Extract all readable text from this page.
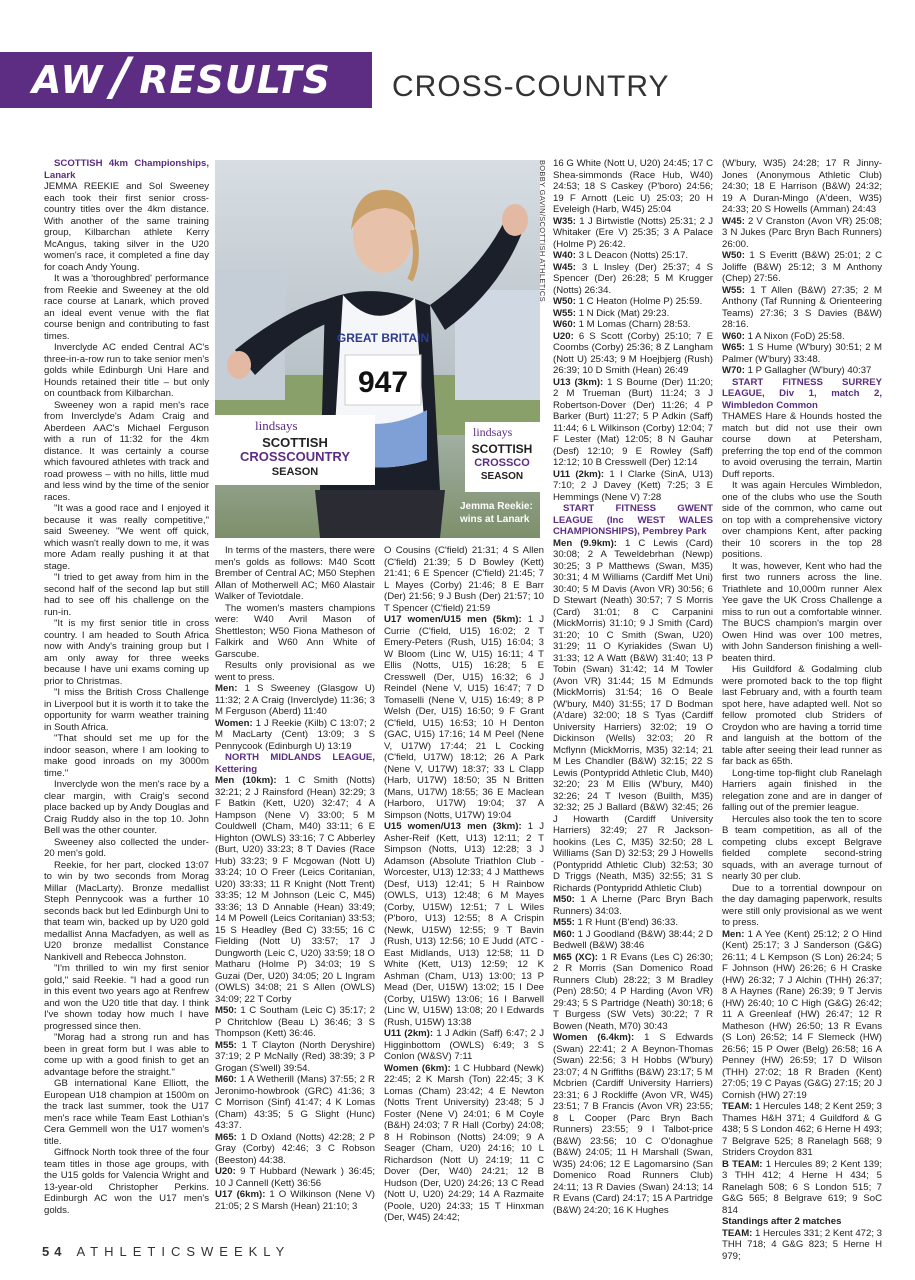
AW / RESULTS CROSS-COUNTRY

SCOTTISH 4km Championships, Lanark

JEMMA REEKIE and Sol Sweeney each took their first senior cross-country titles over the 4km distance. With another of the same training group, Kilbarchan athlete Kerry McAngus, taking silver in the U20 women's race, it completed a fine day for coach Andy Young.

It was a 'thoroughbred' performance from Reekie and Sweeney at the old race course at Lanark, which proved an ideal event venue with the flat course benign and contributing to fast times.

Inverclyde AC ended Central AC's three-in-a-row run to take senior men's golds while Edinburgh Uni Hare and Hounds retained their title – but only on countback from Kilbarchan.

Sweeney won a rapid men's race from Inverclyde's Adam Craig and Aberdeen AAC's Michael Ferguson with a run of 11:32 for the 4km distance. It was certainly a course which favoured athletes with track and road prowess – with no hills, little mud and less wind by the time of the senior races.

"It was a good race and I enjoyed it because it was really competitive," said Sweeney. "We went off quick, which wasn't really down to me, it was more Adam really pushing it at that stage.

"I tried to get away from him in the second half of the second lap but still had to see off his challenge on the run-in.

"It is my first senior title in cross country. I am headed to South Africa now with Andy's training group but I am only away for three weeks because I have uni exams coming up prior to Christmas.

"I miss the British Cross Challenge in Liverpool but it is worth it to take the opportunity for warm weather training in South Africa.

"That should set me up for the indoor season, where I am looking to make good inroads on my 3000m time."

Inverclyde won the men's race by a clear margin, with Craig's second place backed up by Andy Douglas and Craig Ruddy also in the top 10. John Bell was the other counter.

Sweeney also collected the under-20 men's gold.

Reekie, for her part, clocked 13:07 to win by two seconds from Morag Millar (MacLarty). Bronze medallist Steph Pennycook was a further 10 seconds back but led Edinburgh Uni to that team win, backed up by U20 gold medallist Anna Macfadyen, as well as U20 bronze medallist Constance Nankivell and Rebecca Johnston.

"I'm thrilled to win my first senior gold," said Reekie. "I had a good run in this event two years ago at Renfrew and won the U20 title that day. I think I've shown today how much I have progressed since then.

"Morag had a strong run and has been in great form but I was able to come up with a good finish to get an advantage before the straight."

GB international Kane Elliott, the European U18 champion at 1500m on the track last summer, took the U17 men's race while Team East Lothian's Cera Gemmell won the U17 women's title.

Giffnock North took three of the four team titles in those age groups, with the U15 golds for Valencia Wright and 13-year-old Christopher Perkins. Edinburgh AC won the U17 men's golds.

GREAT BRITAIN
947
lindsays
SCOTTISH
CROSSCOUNTRY
SEASON
lindsays
SCOTTISH
CROSSCO
SEASON
Jemma Reekie:
wins at Lanark
BOBBY GAVIN/SCOTTISH ATHLETICS

In terms of the masters, there were men's golds as follows: M40 Scott Brember of Central AC; M50 Stephen Allan of Motherwell AC; M60 Alastair Walker of Teviotdale.

The women's masters champions were: W40 Avril Mason of Shettleston; W50 Fiona Matheson of Falkirk and W60 Ann White of Garscube.

Results only provisional as we went to press.

Men: 1 S Sweeney (Glasgow U) 11:32; 2 A Craig (Inverclyde) 11:36; 3 M Ferguson (Aberd) 11:40

Women: 1 J Reekie (Kilb) C 13:07; 2 M MacLarty (Cent) 13:09; 3 S Pennycook (Edinburgh U) 13:19

NORTH MIDLANDS LEAGUE, Kettering

Men (10km): 1 C Smith (Notts) 32:21; 2 J Rainsford (Hean) 32:29; 3 F Batkin (Kett, U20) 32:47; 4 A Hampson (Nene V) 33:00; 5 M Couldwell (Cham, M40) 33:11; 6 E Highton (OWLS) 33:16; 7 C Abberley (Burt, U20) 33:23; 8 T Davies (Race Hub) 33:23; 9 F Mcgowan (Nott U) 33:24; 10 O Freer (Leics Coritanian, U20) 33:33; 11 R Knight (Nott Trent) 33:35; 12 M Johnson (Leic C, M45) 33:36; 13 D Annable (Hean) 33:49; 14 M Powell (Leics Coritanian) 33:53; 15 S Headley (Bed C) 33:55; 16 C Fielding (Nott U) 33:57; 17 J Dungworth (Leic C, U20) 33:59; 18 O Matharu (Holme P) 34:03; 19 S Guzai (Der, U20) 34:05; 20 L Ingram (OWLS) 34:08; 21 S Allen (OWLS) 34:09; 22 T Corby

M50: 1 C Southam (Leic C) 35:17; 2 P Chritchlow (Beau L) 36:46; 3 S Thompson (Kett) 36:46.

M55: 1 T Clayton (North Deryshire) 37:19; 2 P McNally (Red) 38:39; 3 P Grogan (S'well) 39:54.

M60: 1 A Wetherill (Mans) 37:55; 2 R Jeronimo-howbrook (GRC) 41:36; 3 C Morrison (Sinf) 41:47; 4 K Lomas (Cham) 43:35; 5 G Slight (Hunc) 43:37.

M65: 1 D Oxland (Notts) 42:28; 2 P Gray (Corby) 42:46; 3 C Robson (Beeston) 44:38.

U20: 9 T Hubbard (Newark ) 36:45; 10 J Cannell (Kett) 36:56

U17 (6km): 1 O Wilkinson (Nene V) 21:05; 2 S Marsh (Hean) 21:10; 3

O Cousins (C'field) 21:31; 4 S Allen (C'field) 21:39; 5 D Bowley (Kett) 21:41; 6 E Spencer (C'field) 21:45; 7 L Mayes (Corby) 21:46; 8 E Barr (Der) 21:56; 9 J Bush (Der) 21:57; 10 T Spencer (C'field) 21:59

U17 women/U15 men (5km): 1 J Currie (C'field, U15) 16:02; 2 T Emery-Peters (Rush, U15) 16:04; 3 W Bloom (Linc W, U15) 16:11; 4 T Ellis (Notts, U15) 16:28; 5 E Cresswell (Der, U15) 16:32; 6 J Reindel (Nene V, U15) 16:47; 7 D Tomaselli (Nene V, U15) 16:49; 8 P Welsh (Der, U15) 16:50; 9 F Grant (C'field, U15) 16:53; 10 H Denton (GAC, U15) 17:16; 14 M Peel (Nene V, U17W) 17:44; 21 L Cocking (C'field, U17W) 18:12; 26 A Park (Nene V, U17W) 18:37; 33 L Clapp (Harb, U17W) 18:50; 35 N Britten (Mans, U17W) 18:55; 36 E Maclean (Harboro, U17W) 19:04; 37 A Simpson (Notts, U17W) 19:04

U15 women/U13 men (3km): 1 J Asher-Reif (Kett, U13) 12:11; 2 T Simpson (Notts, U13) 12:28; 3 J Adamson (Absolute Triathlon Club - Worcester, U13) 12:33; 4 J Matthews (Desf, U13) 12:41; 5 H Rainbow (OWLS, U13) 12:48; 6 M Mayes (Corby, U15W) 12:51; 7 L Wiles (P'boro, U13) 12:55; 8 A Crispin (Newk, U15W) 12:55; 9 T Bavin (Rush, U13) 12:56; 10 E Judd (ATC - East Midlands, U13) 12:58; 11 D White (Kett, U13) 12:59; 12 K Ashman (Cham, U13) 13:00; 13 P Mead (Der, U15W) 13:02; 15 I Dee (Corby, U15W) 13:06; 16 I Barwell (Linc W, U15W) 13:08; 20 I Edwards (Rush, U15W) 13:38

U11 (2km): 1 J Adkin (Saff) 6:47; 2 J Higginbottom (OWLS) 6:49; 3 S Conlon (W&SV) 7:11

Women (6km): 1 C Hubbard (Newk) 22:45; 2 K Marsh (Ton) 22:45; 3 K Lomas (Cham) 23:42; 4 E Newton (Notts Trent University) 23:48; 5 J Foster (Nene V) 24:01; 6 M Coyle (B&H) 24:03; 7 R Hall (Corby) 24:08; 8 H Robinson (Notts) 24:09; 9 A Seager (Cham, U20) 24:16; 10 L Richardson (Nott U) 24:19; 11 C Dover (Der, W40) 24:21; 12 B Hudson (Der, U20) 24:26; 13 C Read (Nott U, U20) 24:29; 14 A Razmaite (Poole, U20) 24:33; 15 T Hinxman (Der, W45) 24:42;

16 G White (Nott U, U20) 24:45; 17 C Shea-simmonds (Race Hub, W40) 24:53; 18 S Caskey (P'boro) 24:56; 19 F Arnott (Leic U) 25:03; 20 H Eveleigh (Harb, W45) 25:04

W35: 1 J Birtwistle (Notts) 25:31; 2 J Whitaker (Ere V) 25:35; 3 A Palace (Holme P) 26:42.

W40: 3 L Deacon (Notts) 25:17.

W45: 3 L Insley (Der) 25:37; 4 S Spencer (Der) 26:28; 5 M Krugger (Notts) 26:34.

W50: 1 C Heaton (Holme P) 25:59.

W55: 1 N Dick (Mat) 29:23.

W60: 1 M Lomas (Charn) 28:53.

U20: 6 S Scott (Corby) 25:10; 7 E Coombs (Corby) 25:36; 8 Z Langham (Nott U) 25:43; 9 M Hoejbjerg (Rush) 26:39; 10 D Smith (Hean) 26:49

U13 (3km): 1 S Bourne (Der) 11:20; 2 M Trueman (Burt) 11:24; 3 J Robertson-Dover (Der) 11:26; 4 P Barker (Burt) 11:27; 5 P Adkin (Saff) 11:44; 6 L Wilkinson (Corby) 12:04; 7 F Lester (Mat) 12:05; 8 N Gauhar (Desf) 12:10; 9 E Rowley (Saff) 12:12; 10 B Cresswell (Der) 12:14

U11 (2km): 1 I Clarke (SinA, U13) 7:10; 2 J Davey (Kett) 7:25; 3 E Hemmings (Nene V) 7:28

START FITNESS GWENT LEAGUE (Inc WEST WALES CHAMPIONSHIPS), Pembrey Park

Men (9.9km): 1 C Lewis (Card) 30:08; 2 A Teweldebrhan (Newp) 30:25; 3 P Matthews (Swan, M35) 30:31; 4 M Williams (Cardiff Met Uni) 30:40; 5 M Davis (Avon VR) 30:56; 6 D Stewart (Neath) 30:57; 7 S Morris (Card) 31:01; 8 C Carpanini (MickMorris) 31:10; 9 J Smith (Card) 31:20; 10 C Smith (Swan, U20) 31:29; 11 O Kyriakides (Swan U) 31:33; 12 A Watt (B&W) 31:40; 13 P Tobin (Swan) 31:42; 14 M Towler (Avon VR) 31:44; 15 M Edmunds (MickMorris) 31:54; 16 O Beale (W'bury, M40) 31:55; 17 D Bodman (A'dare) 32:00; 18 S Tyas (Cardiff University Harriers) 32:02; 19 O Dickinson (Wells) 32:03; 20 R Mcflynn (MickMorris, M35) 32:14; 21 M Les Chandler (B&W) 32:15; 22 S Lewis (Pontypridd Athletic Club, M40) 32:20; 23 M Ellis (W'bury, M40) 32:26; 24 T Iveson (Builth, M35) 32:32; 25 J Ballard (B&W) 32:45; 26 J Howarth (Cardiff University Harriers) 32:49; 27 R Jackson-hookins (Les C, M35) 32:50; 28 L Williams (San D) 32:53; 29 J Howells (Pontypridd Athletic Club) 32:53; 30 D Triggs (Neath, M35) 32:55; 31 S Richards (Pontypridd Athletic Club)

M50: 1 A Lherne (Parc Bryn Bach Runners) 34:03.

M55: 1 R Hunt (B'end) 36:33.

M60: 1 J Goodland (B&W) 38:44; 2 D Bedwell (B&W) 38:46

M65 (XC): 1 R Evans (Les C) 26:30; 2 R Morris (San Domenico Road Runners Club) 28:22; 3 M Bradley (Pen) 28:50; 4 P Harding (Avon VR) 29:43; 5 S Partridge (Neath) 30:18; 6 T Burgess (SW Vets) 30:22; 7 R Bowen (Neath, M70) 30:43

Women (6.4km): 1 S Edwards (Swan) 22:41; 2 A Beynon-Thomas (Swan) 22:56; 3 H Hobbs (W'bury) 23:07; 4 N Griffiths (B&W) 23:17; 5 M Mcbrien (Cardiff University Harriers) 23:31; 6 J Rockliffe (Avon VR, W45) 23:51; 7 B Francis (Avon VR) 23:55; 8 L Cooper (Parc Bryn Bach Runners) 23:55; 9 I Talbot-price (B&W) 23:56; 10 C O'donaghue (B&W) 24:05; 11 H Marshall (Swan, W35) 24:06; 12 E Lagomarsino (San Domenico Road Runners Club) 24:11; 13 R Davies (Swan) 24:13; 14 R Evans (Card) 24:17; 15 A Partridge (B&W) 24:20; 16 K Hughes

(W'bury, W35) 24:28; 17 R Jinny-Jones (Anonymous Athletic Club) 24:30; 18 E Harrison (B&W) 24:32; 19 A Duran-Mingo (A'deen, W35) 24:33; 20 S Howells (Amman) 24:43

W45: 2 V Cranston (Avon VR) 25:08; 3 N Jukes (Parc Bryn Bach Runners) 26:00.

W50: 1 S Everitt (B&W) 25:01; 2 C Joliffe (B&W) 25:12; 3 M Anthony (Chep) 27:56.

W55: 1 T Allen (B&W) 27:35; 2 M Anthony (Taf Running & Orienteering Teams) 27:36; 3 S Davies (B&W) 28:16.

W60: 1 A Nixon (FoD) 25:58.

W65: 1 S Hume (W'bury) 30:51; 2 M Palmer (W'bury) 33:48.

W70: 1 P Gallagher (W'bury) 40:37

START FITNESS SURREY LEAGUE, Div 1, match 2, Wimbledon Common

THAMES Hare & Hounds hosted the match but did not use their own course down at Petersham, preferring the top end of the common to avoid overusing the terrain, Martin Duff reports.

It was again Hercules Wimbledon, one of the clubs who use the South side of the common, who came out on top with a comprehensive victory over champions Kent, after packing their 10 scorers in the top 28 positions.

It was, however, Kent who had the first two runners across the line. Triathlete and 10,000m runner Alex Yee gave the UK Cross Challenge a miss to run out a comfortable winner. The BUCS champion's margin over Owen Hind was over 100 metres, with John Sanderson finishing a well-beaten third.

His Guildford & Godalming club were promoted back to the top flight last February and, with a fourth team spot here, have adapted well. Not so fellow promoted club Striders of Croydon who are having a torrid time and languish at the bottom of the table after seeing their lead runner as far back as 65th.

Long-time top-flight club Ranelagh Harriers again finished in the relegation zone and are in danger of falling out of the premier league.

Hercules also took the ten to score B team competition, as all of the competing clubs except Belgrave fielded complete second-string squads, with an average turnout of nearly 30 per club.

Due to a torrential downpour on the day damaging paperwork, results were still only provisional as we went to press.

Men: 1 A Yee (Kent) 25:12; 2 O Hind (Kent) 25:17; 3 J Sanderson (G&G) 26:11; 4 L Kempson (S Lon) 26:24; 5 F Johnson (HW) 26:26; 6 H Craske (HW) 26:32; 7 J Alchin (THH) 26:37; 8 A Haynes (Rane) 26:39; 9 T Jervis (HW) 26:40; 10 C High (G&G) 26:42; 11 A Greenleaf (HW) 26:47; 12 R Matheson (HW) 26:50; 13 R Evans (S Lon) 26:52; 14 F Slemeck (HW) 26:56; 15 P Ower (Belg) 26:58; 16 A Penney (HW) 26:59; 17 D Wilson (THH) 27:02; 18 R Braden (Kent) 27:05; 19 C Payas (G&G) 27:15; 20 J Cornish (HW) 27:19

TEAM: 1 Hercules 148; 2 Kent 259; 3 Thames H&H 371; 4 Guildford & G 438; 5 S London 462; 6 Herne H 493; 7 Belgrave 525; 8 Ranelagh 568; 9 Striders Croydon 831

B TEAM: 1 Hercules 89; 2 Kent 139; 3 THH 412; 4 Herne H 434; 5 Ranelagh 508; 6 S London 515; 7 G&G 565; 8 Belgrave 619; 9 SoC 814

Standings after 2 matches

TEAM: 1 Hercules 331; 2 Kent 472; 3 THH 718; 4 G&G 823; 5 Herne H 979;

54 ATHLETICSWEEKLY
